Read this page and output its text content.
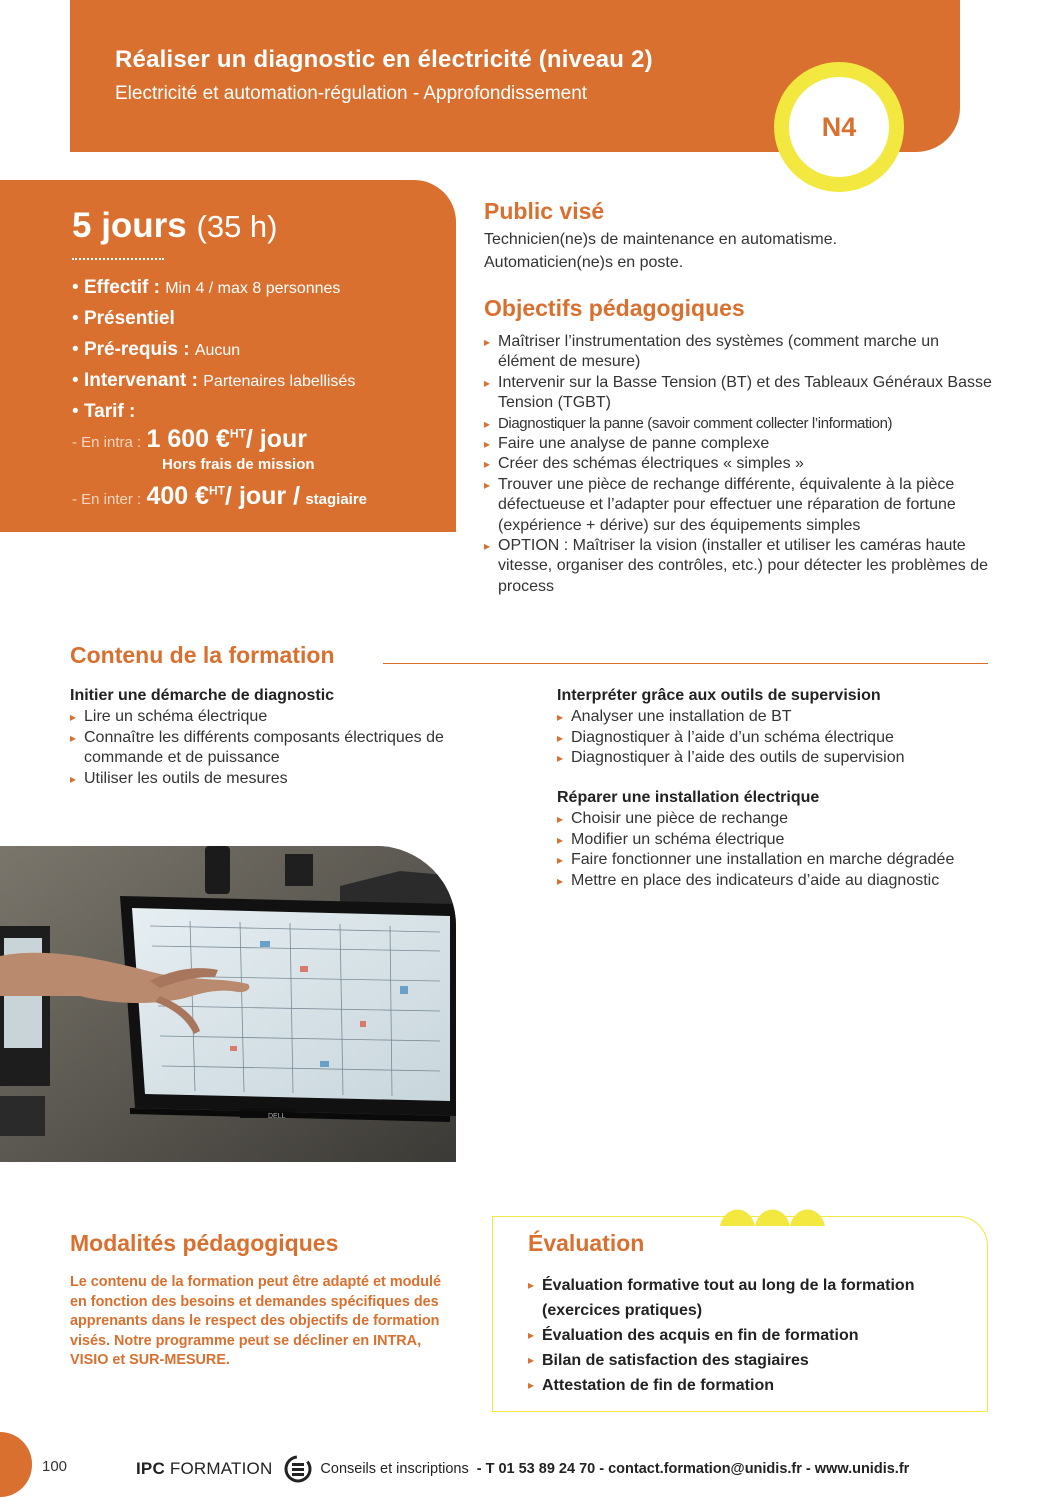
Réaliser un diagnostic en électricité (niveau 2)
Electricité et automation-régulation - Approfondissement
N4
5 jours (35 h)
• Effectif : Min 4 / max 8 personnes
• Présentiel
• Pré-requis : Aucun
• Intervenant : Partenaires labellisés
• Tarif :
- En intra : 1 600 €$^{HT}$/ jour
Hors frais de mission
- En inter : 400 €$^{HT}$/ jour / stagiaire
Public visé
Technicien(ne)s de maintenance en automatisme.
Automaticien(ne)s en poste.
Objectifs pédagogiques
▸ Maîtriser l’instrumentation des systèmes (comment marche un élément de mesure)
▸ Intervenir sur la Basse Tension (BT) et des Tableaux Généraux Basse Tension (TGBT)
▸ Diagnostiquer la panne (savoir comment collecter l’information)
▸ Faire une analyse de panne complexe
▸ Créer des schémas électriques « simples »
▸ Trouver une pièce de rechange différente, équivalente à la pièce défectueuse et l’adapter pour effectuer une réparation de fortune (expérience + dérive) sur des équipements simples
▸ OPTION : Maîtriser la vision (installer et utiliser les caméras haute vitesse, organiser des contrôles, etc.) pour détecter les problèmes de process
Contenu de la formation
Initier une démarche de diagnostic
▸ Lire un schéma électrique
▸ Connaître les différents composants électriques de commande et de puissance
▸ Utiliser les outils de mesures
Interpréter grâce aux outils de supervision
▸ Analyser une installation de BT
▸ Diagnostiquer à l’aide d’un schéma électrique
▸ Diagnostiquer à l’aide des outils de supervision
Réparer une installation électrique
▸ Choisir une pièce de rechange
▸ Modifier un schéma électrique
▸ Faire fonctionner une installation en marche dégradée
▸ Mettre en place des indicateurs d’aide au diagnostic
DELL
Modalités pédagogiques

Le contenu de la formation peut être adapté et modulé en fonction des besoins et demandes spécifiques des apprenants dans le respect des objectifs de formation visés. Notre programme peut se décliner en INTRA, VISIO et SUR-MESURE.

Évaluation
▸ Évaluation formative tout au long de la formation (exercices pratiques)
▸ Évaluation des acquis en fin de formation
▸ Bilan de satisfaction des stagiaires
▸ Attestation de fin de formation
100	IPC FORMATION	Conseils et inscriptions - T 01 53 89 24 70 - contact.formation@unidis.fr - www.unidis.fr
